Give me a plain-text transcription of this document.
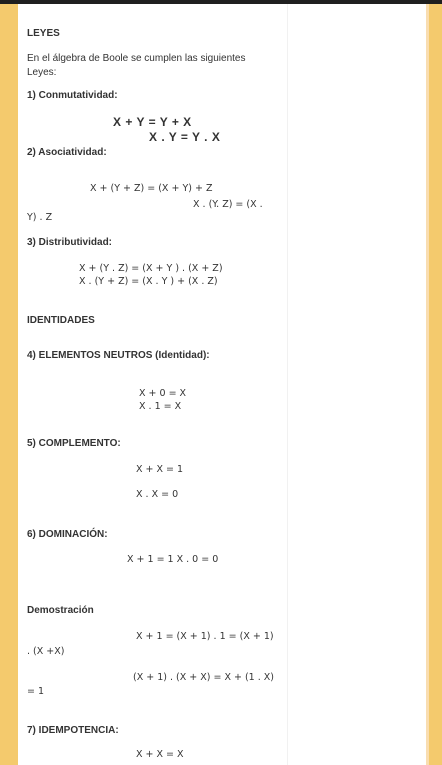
LEYES
En el álgebra de Boole se cumplen las siguientes
Leyes:
1) Conmutatividad:
X + Y = Y + X
X . Y = Y . X
2) Asociatividad:
X + (Y + Z) = (X + Y) + Z
X . (Y. Z) = (X .
Y) . Z
3) Distributividad:
X + (Y . Z) = (X + Y ) . (X + Z)
X . (Y + Z) = (X . Y ) + (X . Z)
IDENTIDADES
4) ELEMENTOS NEUTROS (Identidad):
X + 0 = X
X . 1 = X
5) COMPLEMENTO:
X + X = 1
X . X = 0
6) DOMINACIÓN:
X + 1 = 1 X . 0 = 0
Demostración
X + 1 = (X + 1) . 1 = (X + 1)
. (X +X)
(X + 1) . (X + X) = X + (1 . X)
= 1
7) IDEMPOTENCIA:
X + X = X
